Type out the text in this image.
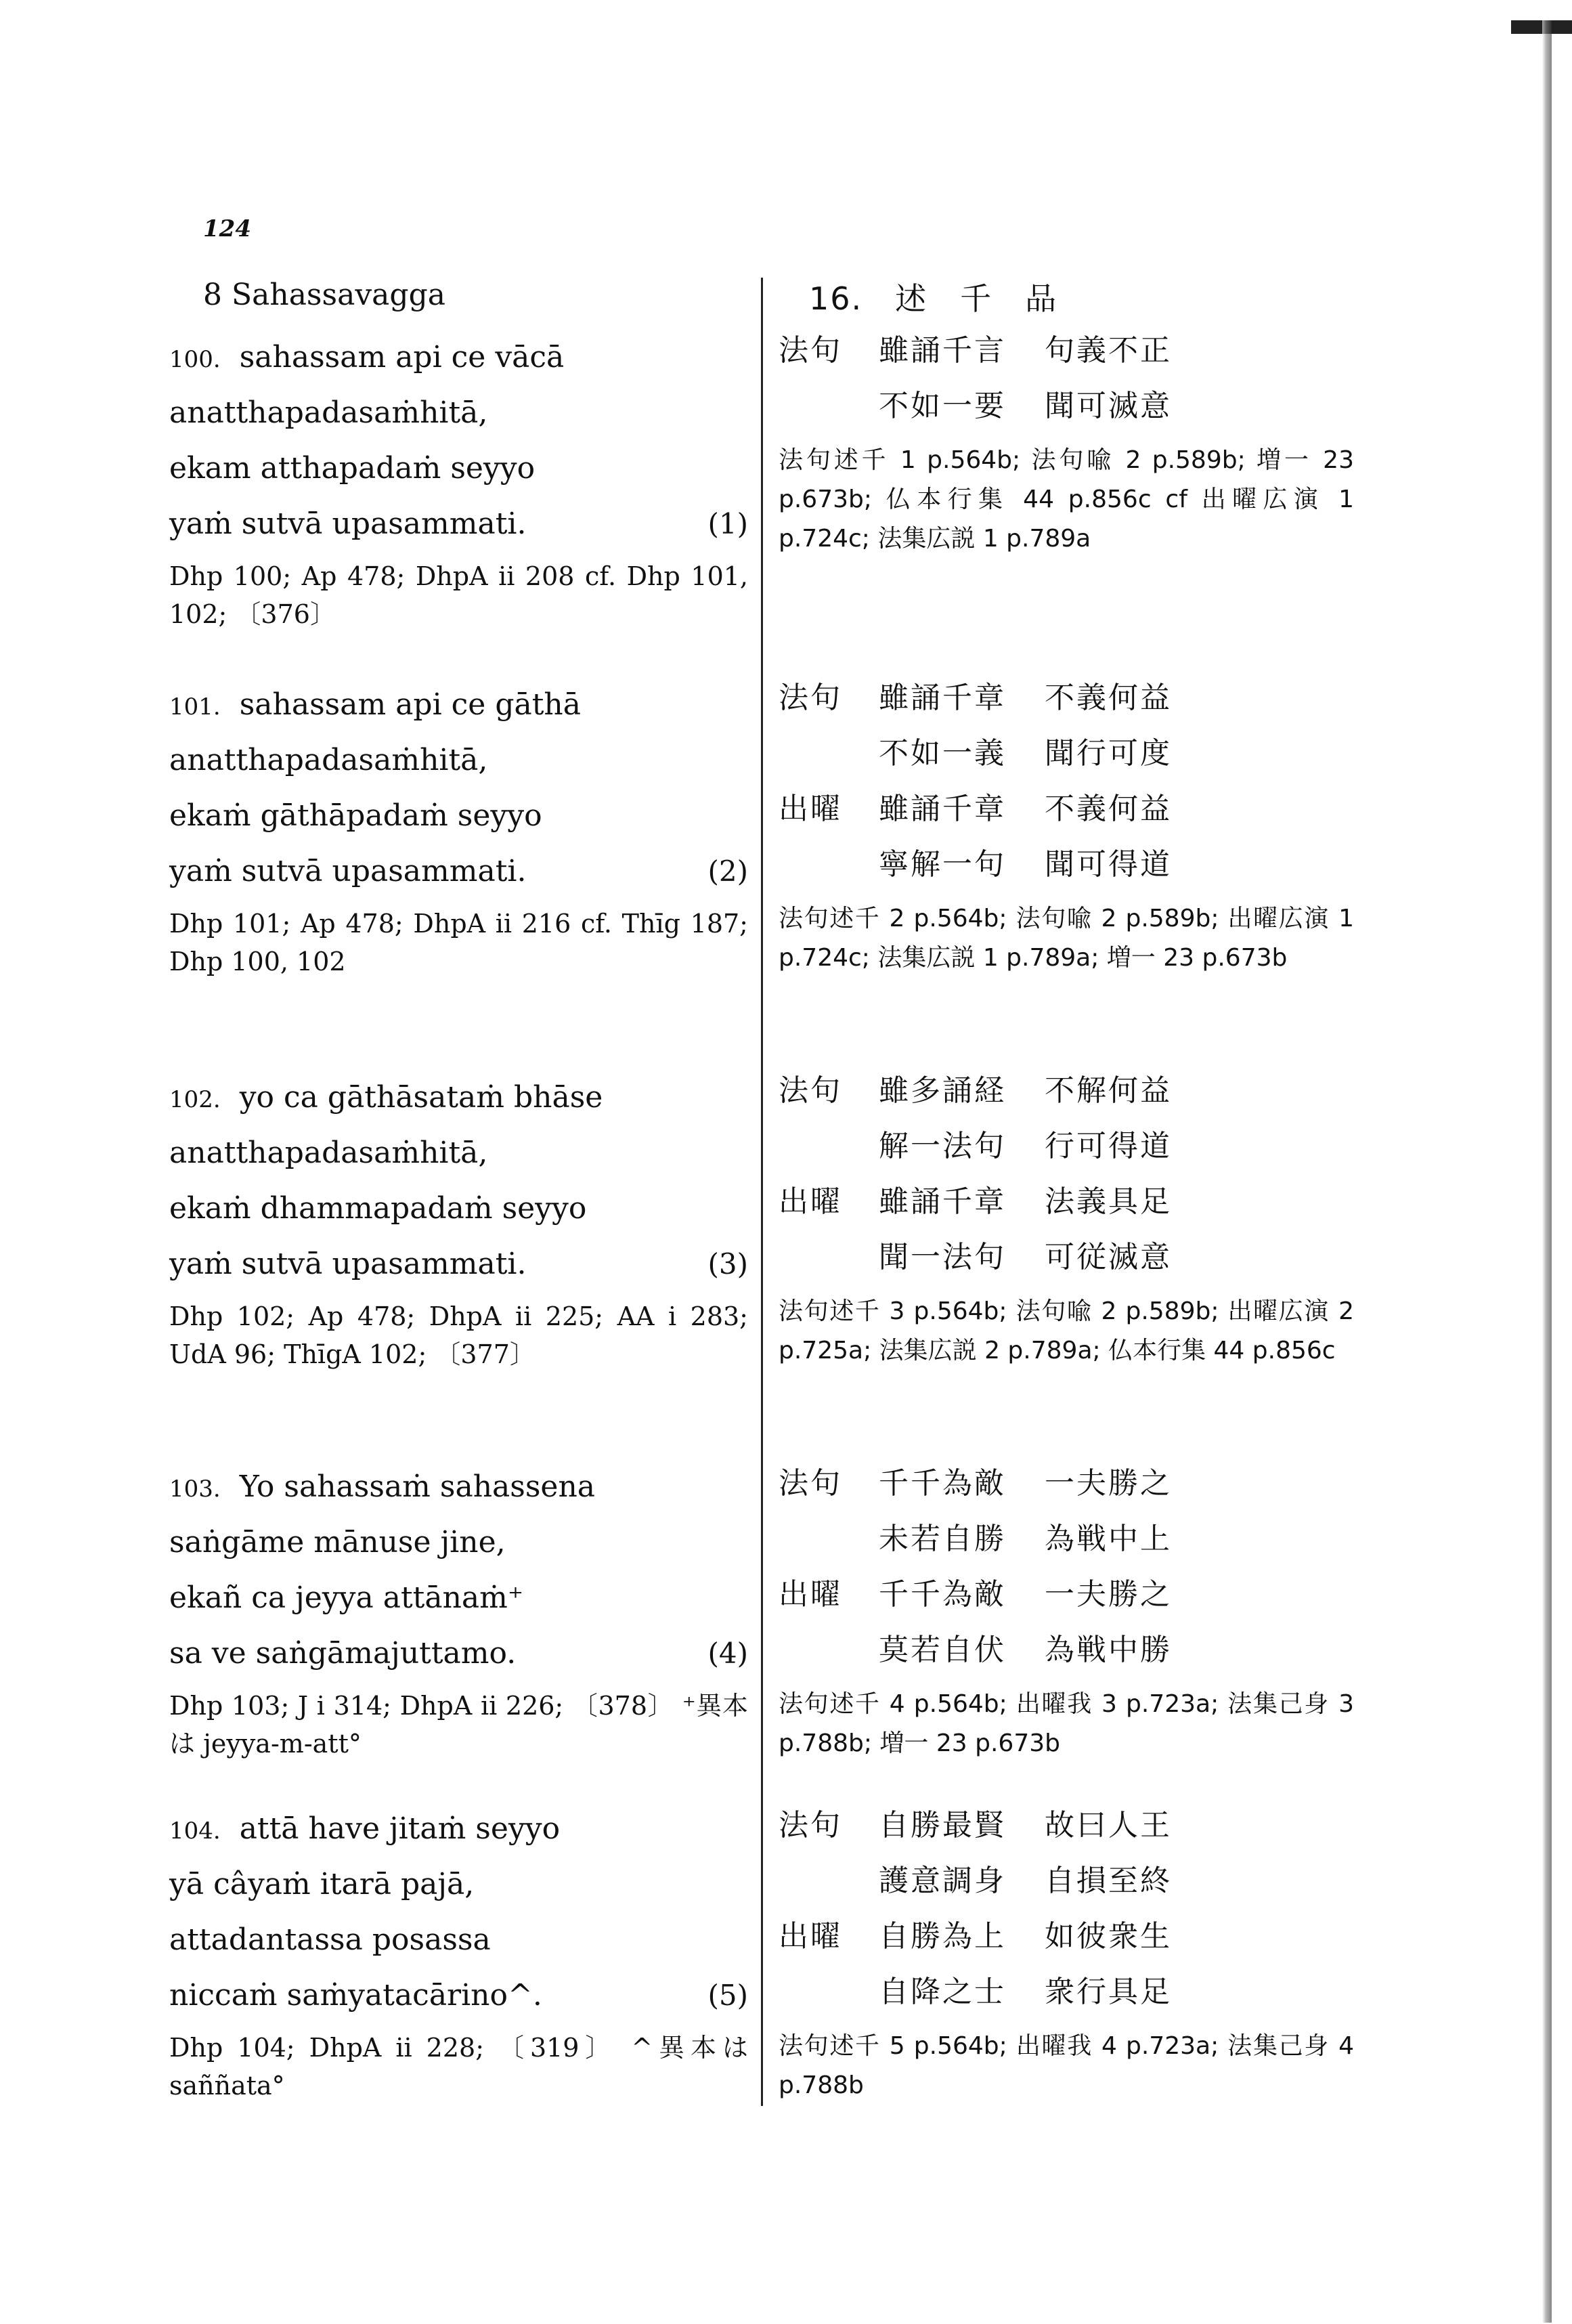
124
8 Sahassavagga	16. 述 千 品
100. sahassam api ce vācā
anatthapadasaṁhitā,
ekam atthapadaṁ seyyo
yaṁ sutvā upasammati.	(1)
Dhp 100; Ap 478; DhpA ii 208 cf. Dhp 101, 102; 〔376〕
法句 雖誦千言 句義不正
不如一要 聞可滅意
法句述千 1 p.564b; 法句喩 2 p.589b; 増一 23 p.673b; 仏本行集 44 p.856c cf 出曜広演 1 p.724c; 法集広説 1 p.789a
101. sahassam api ce gāthā
anatthapadasaṁhitā,
ekaṁ gāthāpadaṁ seyyo
yaṁ sutvā upasammati.	(2)
Dhp 101; Ap 478; DhpA ii 216 cf. Thīg 187; Dhp 100, 102
法句 雖誦千章 不義何益
不如一義 聞行可度
出曜 雖誦千章 不義何益
寧解一句 聞可得道
法句述千 2 p.564b; 法句喩 2 p.589b; 出曜広演 1 p.724c; 法集広説 1 p.789a; 増一 23 p.673b
102. yo ca gāthāsataṁ bhāse
anatthapadasaṁhitā,
ekaṁ dhammapadaṁ seyyo
yaṁ sutvā upasammati.	(3)
Dhp 102; Ap 478; DhpA ii 225; AA i 283; UdA 96; ThīgA 102; 〔377〕
法句 雖多誦経 不解何益
解一法句 行可得道
出曜 雖誦千章 法義具足
聞一法句 可従滅意
法句述千 3 p.564b; 法句喩 2 p.589b; 出曜広演 2 p.725a; 法集広説 2 p.789a; 仏本行集 44 p.856c
103. Yo sahassaṁ sahassena
saṅgāme mānuse jine,
ekañ ca jeyya attānaṁ⁺
sa ve saṅgāmajuttamo.	(4)
Dhp 103; J i 314; DhpA ii 226; 〔378〕 ⁺異本は jeyya-m-att°
法句 千千為敵 一夫勝之
未若自勝 為戦中上
出曜 千千為敵 一夫勝之
莫若自伏 為戦中勝
法句述千 4 p.564b; 出曜我 3 p.723a; 法集己身 3 p.788b; 増一 23 p.673b
104. attā have jitaṁ seyyo
yā câyaṁ itarā pajā,
attadantassa posassa
niccaṁ saṁyatacārino^.	(5)
Dhp 104; DhpA ii 228; 〔319〕 ^異本は saññata°
法句 自勝最賢 故曰人王
護意調身 自損至終
出曜 自勝為上 如彼衆生
自降之士 衆行具足
法句述千 5 p.564b; 出曜我 4 p.723a; 法集己身 4 p.788b
